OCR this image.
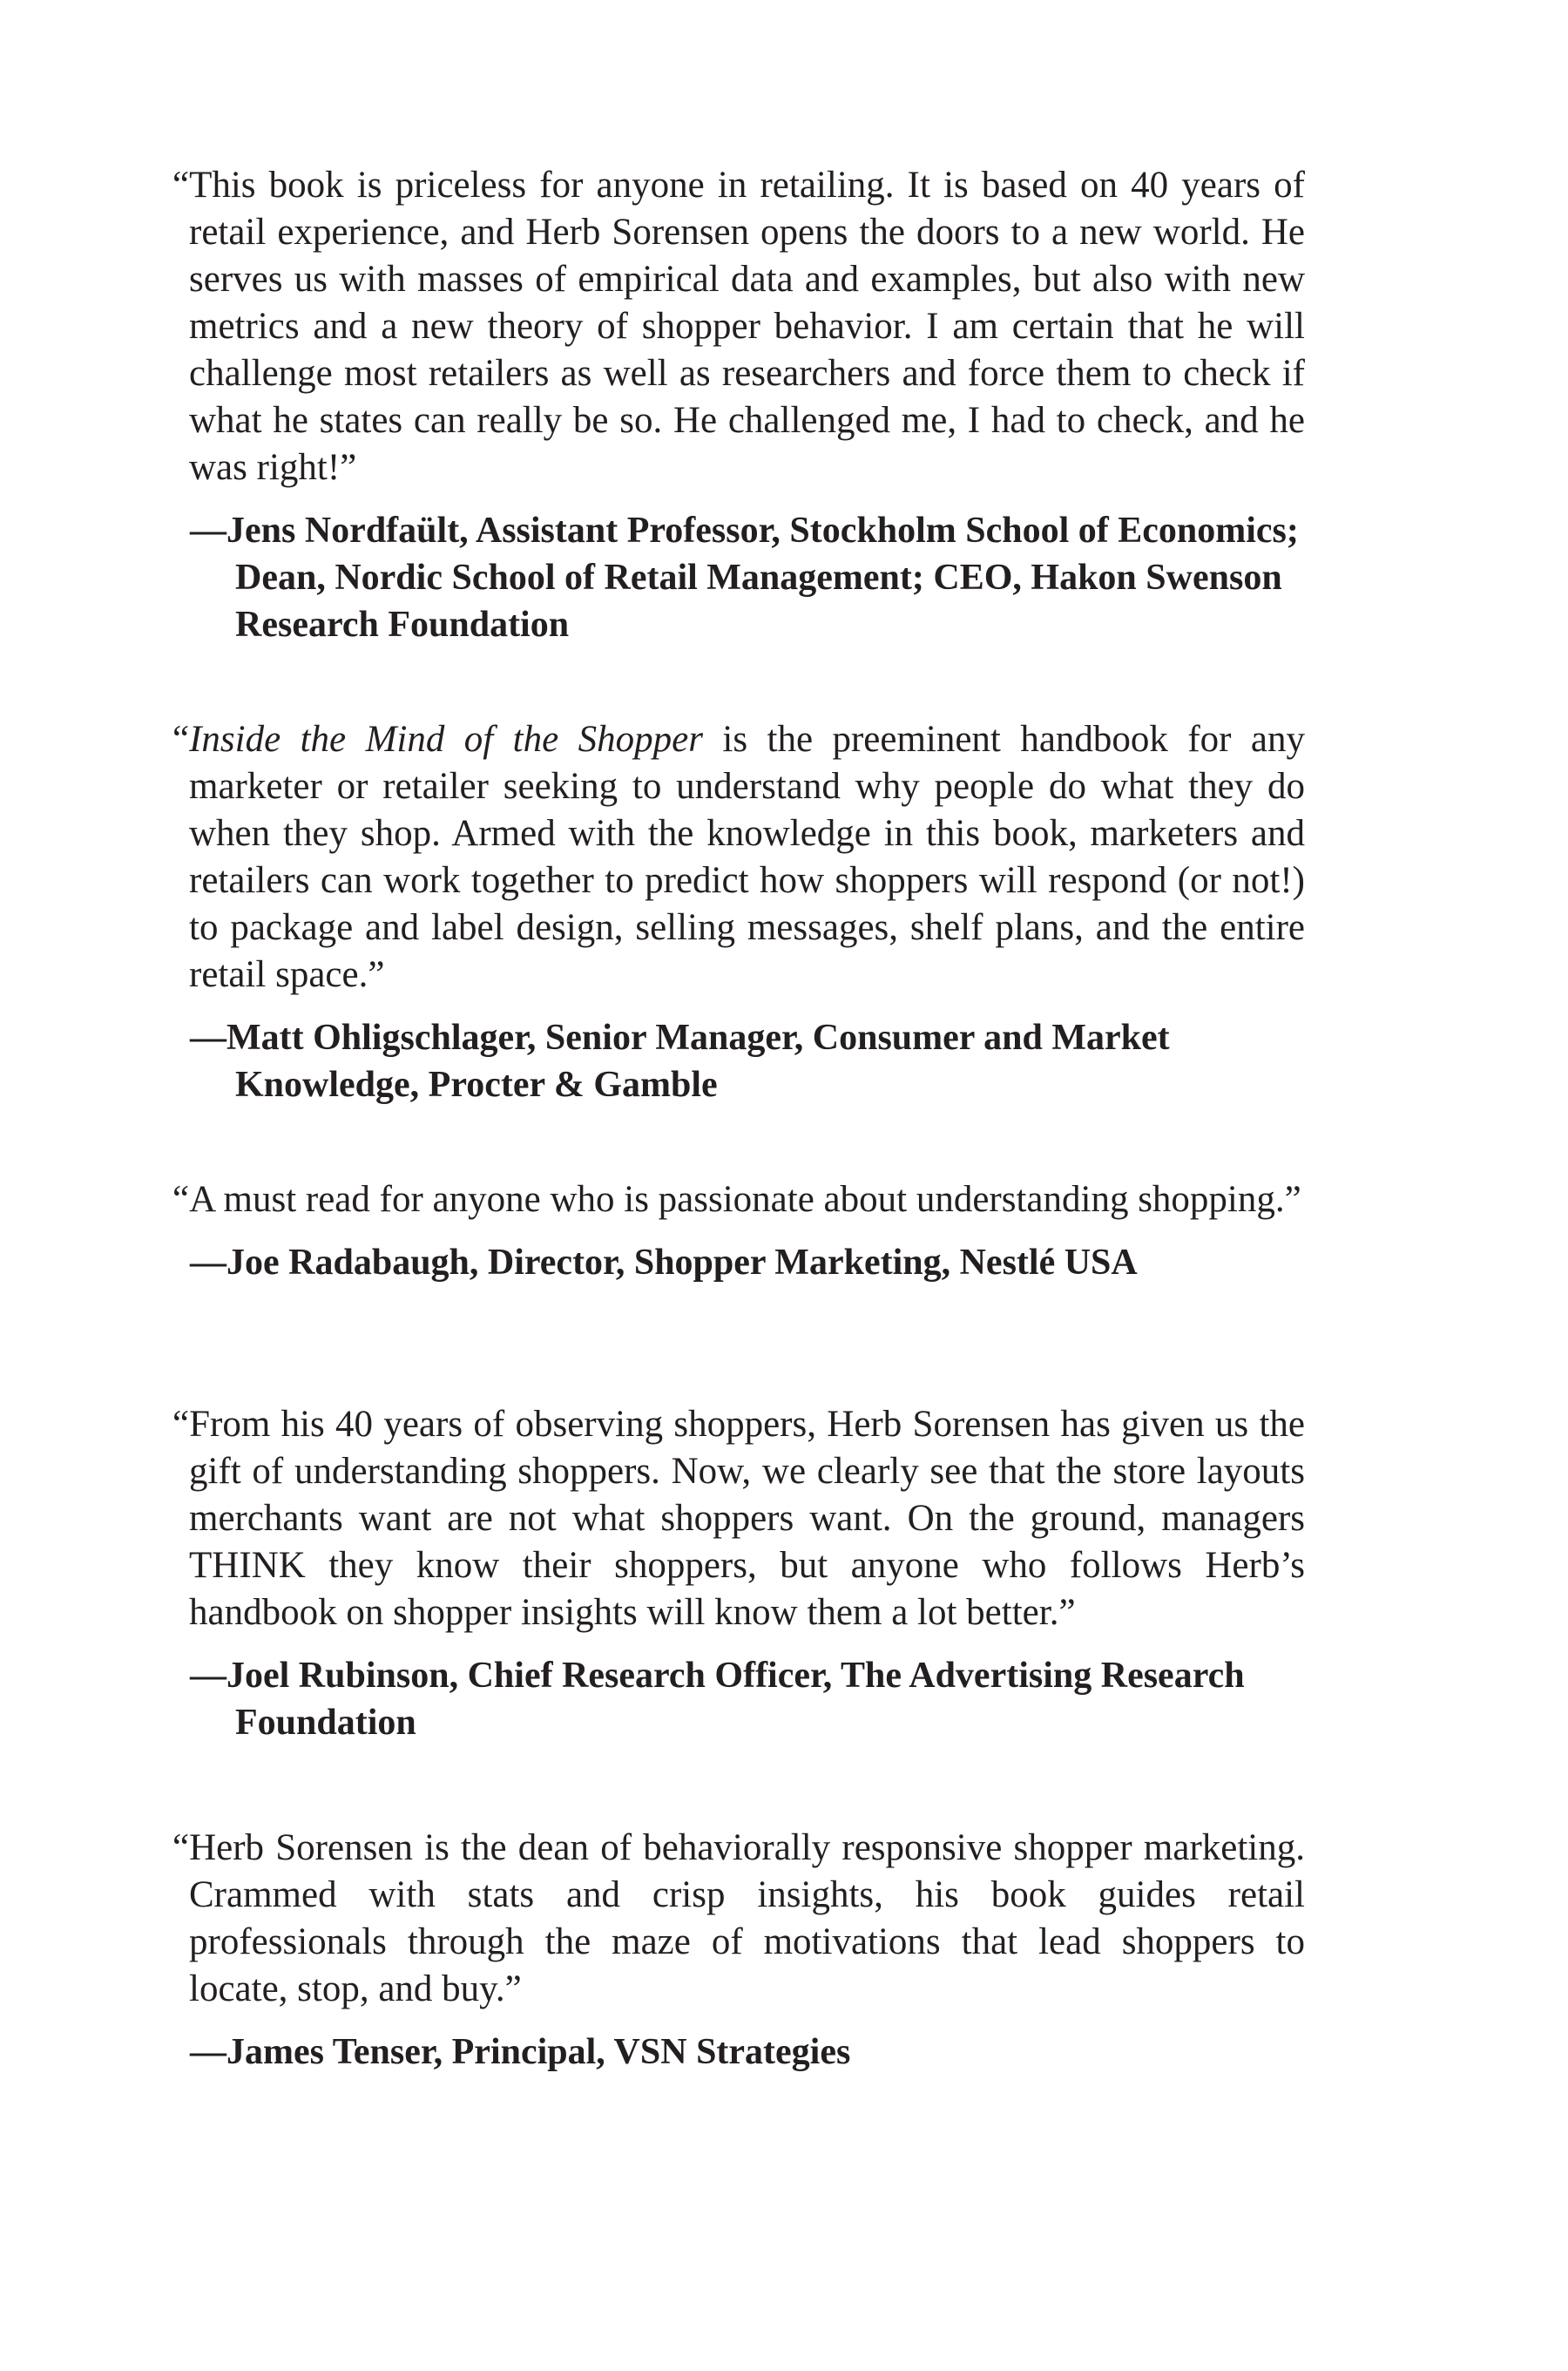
“This book is priceless for anyone in retailing. It is based on 40 years of retail experience, and Herb Sorensen opens the doors to a new world. He serves us with masses of empirical data and examples, but also with new metrics and a new theory of shopper behavior. I am certain that he will challenge most retailers as well as researchers and force them to check if what he states can really be so. He challenged me, I had to check, and he was right!”

—Jens Nordfaült, Assistant Professor, Stockholm School of Economics; Dean, Nordic School of Retail Management; CEO, Hakon Swenson Research Foundation

“Inside the Mind of the Shopper is the preeminent handbook for any marketer or retailer seeking to understand why people do what they do when they shop. Armed with the knowledge in this book, marketers and retailers can work together to predict how shoppers will respond (or not!) to package and label design, selling messages, shelf plans, and the entire retail space.”

—Matt Ohligschlager, Senior Manager, Consumer and Market Knowledge, Procter & Gamble

“A must read for anyone who is passionate about understanding shopping.”

—Joe Radabaugh, Director, Shopper Marketing, Nestlé USA

“From his 40 years of observing shoppers, Herb Sorensen has given us the gift of understanding shoppers. Now, we clearly see that the store layouts merchants want are not what shoppers want. On the ground, managers THINK they know their shoppers, but anyone who follows Herb’s handbook on shopper insights will know them a lot better.”

—Joel Rubinson, Chief Research Officer, The Advertising Research Foundation

“Herb Sorensen is the dean of behaviorally responsive shopper marketing. Crammed with stats and crisp insights, his book guides retail professionals through the maze of motivations that lead shoppers to locate, stop, and buy.”

—James Tenser, Principal, VSN Strategies
